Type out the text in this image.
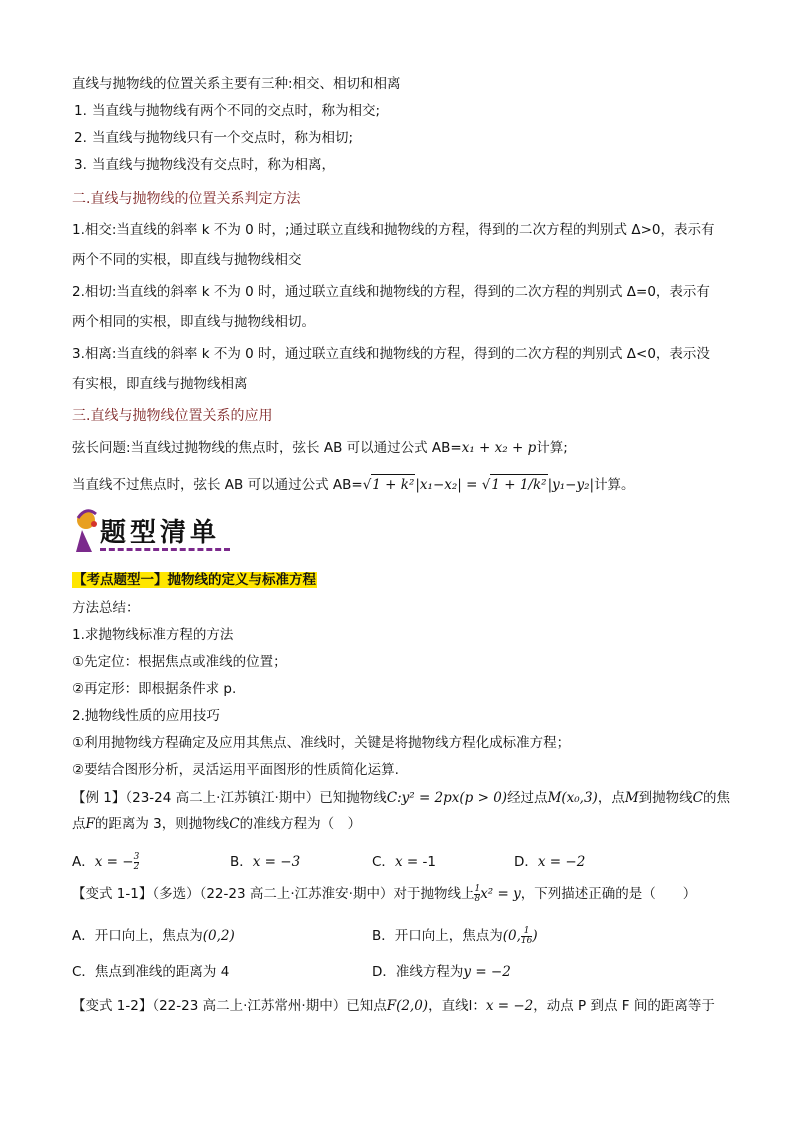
直线与抛物线的位置关系主要有三种:相交、相切和相离
1. 当直线与抛物线有两个不同的交点时，称为相交;
2. 当直线与抛物线只有一个交点时，称为相切;
3. 当直线与抛物线没有交点时，称为相离，
二.直线与抛物线的位置关系判定方法
1.相交:当直线的斜率 k 不为 0 时，;通过联立直线和抛物线的方程，得到的二次方程的判别式 Δ>0，表示有
两个不同的实根，即直线与抛物线相交
2.相切:当直线的斜率 k 不为 0 时，通过联立直线和抛物线的方程，得到的二次方程的判别式 Δ=0，表示有
两个相同的实根，即直线与抛物线相切。
3.相离:当直线的斜率 k 不为 0 时，通过联立直线和抛物线的方程，得到的二次方程的判别式 Δ<0，表示没
有实根，即直线与抛物线相离
三.直线与抛物线位置关系的应用
弦长问题:当直线过抛物线的焦点时，弦长 AB 可以通过公式 AB=x₁ + x₂ + p计算;
当直线不过焦点时，弦长 AB 可以通过公式 AB=√1 + k²|x₁−x₂| = √1 + 1/k²|y₁−y₂|计算。
题型清单
【考点题型一】抛物线的定义与标准方程
方法总结：
1.求抛物线标准方程的方法
①先定位：根据焦点或准线的位置；
②再定形：即根据条件求 p.
2.抛物线性质的应用技巧
①利用抛物线方程确定及应用其焦点、准线时，关键是将抛物线方程化成标准方程；
②要结合图形分析，灵活运用平面图形的性质简化运算.
【例 1】（23-24 高二上·江苏镇江·期中）已知抛物线C:y² = 2px(p > 0)经过点M(x₀,3)，点M到抛物线C的焦
点F的距离为 3，则抛物线C的准线方程为（　）
A．x = − $\frac{3}{2}$	B．x = −3	C．x = -1	D．x = −2
【变式 1-1】（多选）（22-23 高二上·江苏淮安·期中）对于抛物线上 $\frac{1}{8} x^2 = y$，下列描述正确的是（　　）
A．开口向上，焦点为(0,2)	B．开口向上，焦点为(0, $\frac{1}{16}$ )
C．焦点到准线的距离为 4	D．准线方程为y = −2
【变式 1-2】（22-23 高二上·江苏常州·期中）已知点F(2,0)，直线l：x = −2，动点 P 到点 F 间的距离等于
